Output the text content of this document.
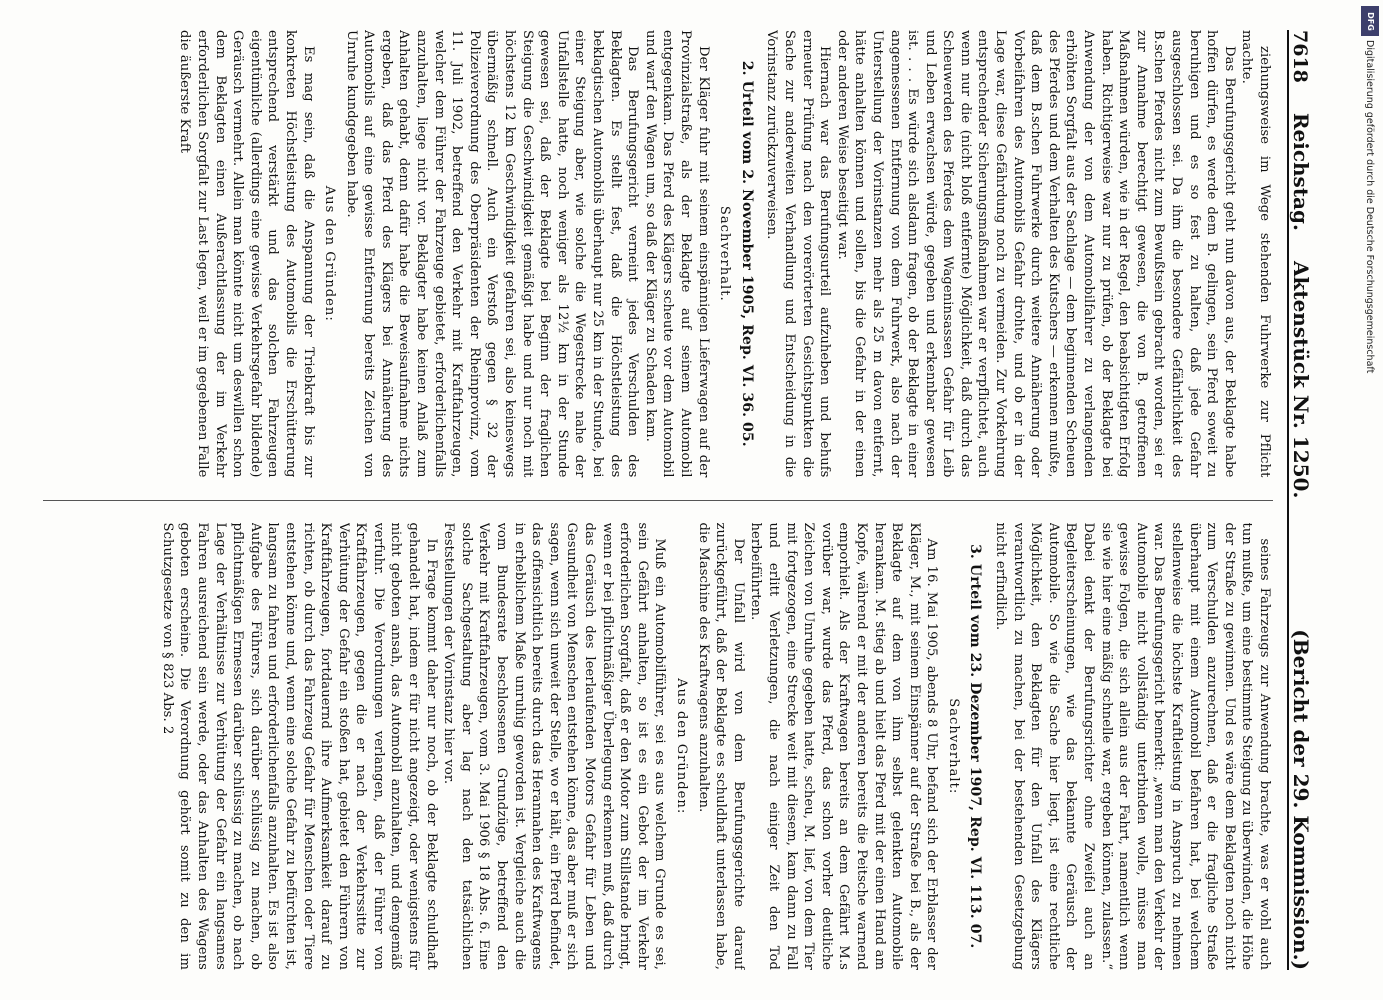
7618
Reichstag.
Aktenstück Nr. 1250.
(Bericht der 29. Kommission.)

ziehungsweise im Wege stehenden Fuhrwerke zur Pflicht machte.

Das Berufungsgericht geht nun davon aus, der Beklagte habe hoffen dürfen, es werde dem B. gelingen, sein Pferd soweit zu beruhigen und es so fest zu halten, daß jede Gefahr ausgeschlossen sei. Da ihm die besondere Gefährlichkeit des B.schen Pferdes nicht zum Bewußtsein gebracht worden, sei er zur Annahme berechtigt gewesen, die von B. getroffenen Maßnahmen würden, wie in der Regel, den beabsichtigten Erfolg haben. Richtigerweise war nur zu prüfen, ob der Beklagte bei Anwendung der von dem Automobilfahrer zu verlangenden erhöhten Sorgfalt aus der Sachlage — dem beginnenden Scheuen des Pferdes und dem Verhalten des Kutschers — erkennen mußte, daß dem B.schen Fuhrwerke durch weitere Annäherung oder Vorbeifahren des Automobils Gefahr drohte, und ob er in der Lage war, diese Gefährdung noch zu vermeiden. Zur Vorkehrung entsprechender Sicherungsmaßnahmen war er verpflichtet, auch wenn nur die (nicht bloß entfernte) Möglichkeit, daß durch das Scheuwerden des Pferdes dem Wageninsassen Gefahr für Leib und Leben erwachsen würde, gegeben und erkennbar gewesen ist. . . . Es würde sich alsdann fragen, ob der Beklagte in einer angemessenen Entfernung von dem Fuhrwerk, also nach der Unterstellung der Vorinstanzen mehr als 25 m davon entfernt, hätte anhalten können und sollen, bis die Gefahr in der einen oder anderen Weise beseitigt war.

Hiernach war das Berufungsurteil aufzuheben und behufs erneuter Prüfung nach den vorerörterten Gesichtspunkten die Sache zur anderweiten Verhandlung und Entscheidung in die Vorinstanz zurückzuverweisen.

2. Urteil vom 2. November 1905, Rep. VI. 36. 05.
Sachverhalt.

Der Kläger fuhr mit seinem einspännigen Lieferwagen auf der Provinzialstraße, als der Beklagte auf seinem Automobil entgegenkam. Das Pferd des Klägers scheute vor dem Automobil und warf den Wagen um, so daß der Kläger zu Schaden kam.

Das Berufungsgericht verneint jedes Verschulden des Beklagten. Es stellt fest, daß die Höchstleistung des beklagtischen Automobils überhaupt nur 25 km in der Stunde, bei einer Steigung aber, wie solche die Wegestrecke nahe der Unfallstelle hatte, noch weniger als 12½ km in der Stunde gewesen sei, daß der Beklagte bei Beginn der fraglichen Steigung die Geschwindigkeit gemäßigt habe und nur noch mit höchstens 12 km Geschwindigkeit gefahren sei, also keineswegs übermäßig schnell. Auch ein Verstoß gegen § 32 der Polizeiverordnung des Oberpräsidenten der Rheinprovinz, vom 11. Juli 1902, betreffend den Verkehr mit Kraftfahrzeugen, welcher dem Führer der Fahrzeuge gebietet, erforderlichenfalls anzuhalten, liege nicht vor. Beklagter habe keinen Anlaß zum Anhalten gehabt, denn dafür habe die Beweisaufnahme nichts ergeben, daß das Pferd des Klägers bei Annäherung des Automobils auf eine gewisse Entfernung bereits Zeichen von Unruhe kundgegeben habe.

Aus den Gründen:

Es mag sein, daß die Anspannung der Triebkraft bis zur konkreten Höchstleistung des Automobils die Erschütterung entsprechend verstärkt und das solchen Fahrzeugen eigentümliche (allerdings eine gewisse Verkehrsgefahr bildende) Geräusch vermehrt. Allein man könnte nicht um deswillen schon dem Beklagten einen Außerachtlassung der im Verkehr erforderlichen Sorgfalt zur Last legen, weil er im gegebenen Falle die äußerste Kraft

seines Fahrzeugs zur Anwendung brachte, was er wohl auch tun mußte, um eine bestimmte Steigung zu überwinden, die Höhe der Straße zu gewinnen. Und es wäre dem Beklagten noch nicht zum Verschulden anzurechnen, daß er die fragliche Straße überhaupt mit einem Automobil befahren hat, bei welchem stellenweise die höchste Kraftleistung in Anspruch zu nehmen war. Das Berufungsgericht bemerkt: „wenn man den Verkehr der Automobile nicht vollständig unterbinden wolle, müsse man gewisse Folgen, die sich allein aus der Fahrt, namentlich wenn sie wie hier eine mäßig schnelle war, ergeben können, zulassen.“ Dabei denkt der Berufungsrichter ohne Zweifel auch an Begleiterscheinungen, wie das bekannte Geräusch der Automobile. So wie die Sache hier liegt, ist eine rechtliche Möglichkeit, den Beklagten für den Unfall des Klägers verantwortlich zu machen, bei der bestehenden Gesetzgebung nicht erfindlich.

3. Urteil vom 23. Dezember 1907, Rep. VI. 113. 07.
Sachverhalt:

Am 16. Mai 1905, abends 8 Uhr, befand sich der Erblasser der Kläger, M., mit seinem Einspänner auf der Straße bei B., als der Beklagte auf dem von ihm selbst gelenkten Automobile herankam. M. stieg ab und hielt das Pferd mit der einen Hand am Kopfe, während er mit der anderen bereits die Peitsche warnend emporhielt. Als der Kraftwagen bereits an dem Gefährt M.s vorüber war, wurde das Pferd, das schon vorher deutliche Zeichen von Unruhe gegeben hatte, scheu, M. lief, von dem Tier mit fortgezogen, eine Strecke weit mit diesem, kam dann zu Fall und erlitt Verletzungen, die nach einiger Zeit den Tod herbeiführten.

Der Unfall wird von dem Berufungsgerichte darauf zurückgeführt, daß der Beklagte es schuldhaft unterlassen habe, die Maschine des Kraftwagens anzuhalten.

Aus den Gründen:

Muß ein Automobilführer, sei es aus welchem Grunde es sei, sein Gefährt anhalten, so ist es ein Gebot der im Verkehr erforderlichen Sorgfalt, daß er den Motor zum Stillstande bringt, wenn er bei pflichtmäßiger Überlegung erkennen muß, daß durch das Geräusch des leerlaufenden Motors Gefahr für Leben und Gesundheit von Menschen entstehen könne, das aber muß er sich sagen, wenn sich unweit der Stelle, wo er hält, ein Pferd befindet, das offensichtlich bereits durch das Herannahen des Kraftwagens in erheblichem Maße unruhig geworden ist. Vergleiche auch die vom Bundesrate beschlossenen Grundzüge, betreffend den Verkehr mit Kraftfahrzeugen, vom 3. Mai 1906 § 18 Abs. 6. Eine solche Sachgestaltung aber lag nach den tatsächlichen Feststellungen der Vorinstanz hier vor.

In Frage kommt daher nur noch, ob der Beklagte schuldhaft gehandelt hat, indem er für nicht angezeigt, oder wenigstens für nicht geboten ansah, das Automobil anzuhalten, und demgemäß verfuhr. Die Verordnungen verlangen, daß der Führer von Kraftfahrzeugen, gegen die er nach der Verkehrssitte zur Verhütung der Gefahr ein stoßen hat, gebietet den Führern von Kraftfahrzeugen, fortdauernd ihre Aufmerksamkeit darauf zu richten, ob durch das Fahrzeug Gefahr für Menschen oder Tiere entstehen könne und, wenn eine solche Gefahr zu befürchten ist, langsam zu fahren und erforderlichenfalls anzuhalten. Es ist also Aufgabe des Führers, sich darüber schlüssig zu machen, ob pflichtmäßigen Ermessen darüber schlüssig zu machen, ob nach Lage der Verhältnisse zur Verhütung der Gefahr ein langsames Fahren ausreichend sein werde, oder das Anhalten des Wagens geboten erscheine. Die Verordnung gehört somit zu den im Schutzgesetze von § 823 Abs. 2

DFG
Digitalisierung gefördert durch die Deutsche Forschungsgemeinschaft
